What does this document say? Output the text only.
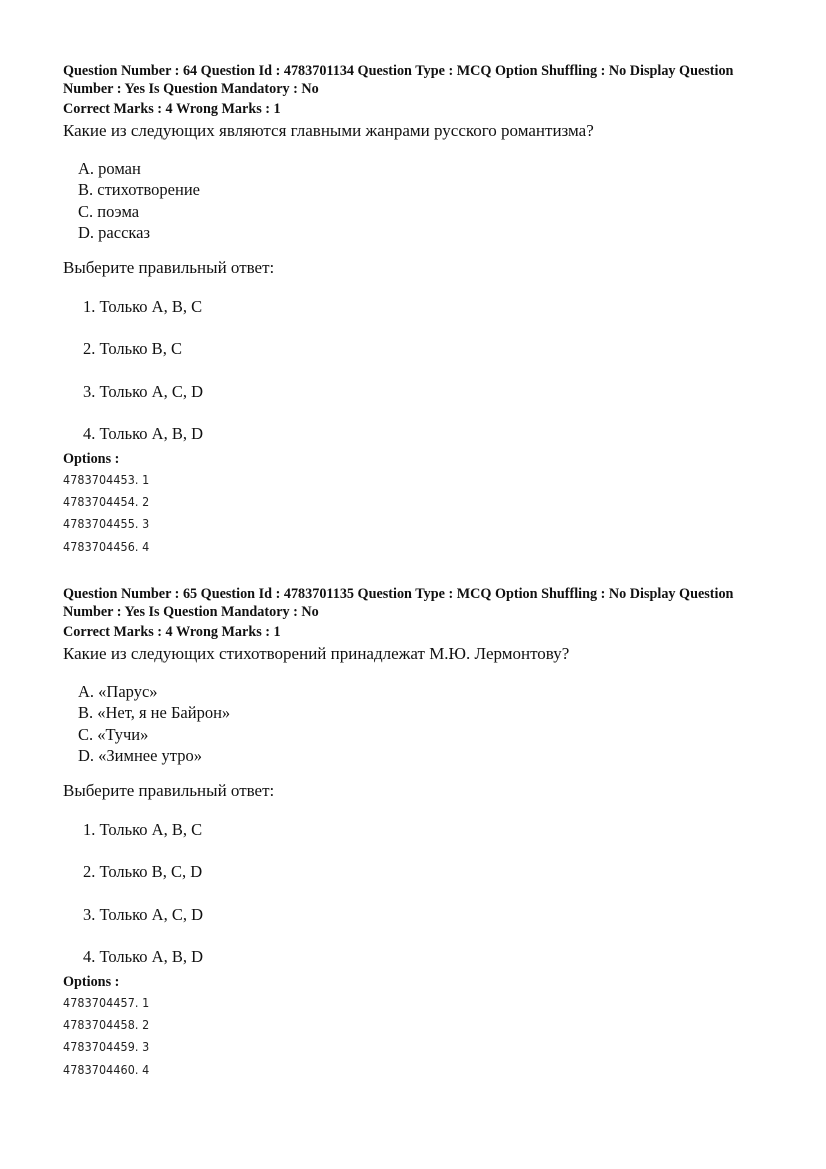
Question Number : 64 Question Id : 4783701134 Question Type : MCQ Option Shuffling : No Display Question
Number : Yes Is Question Mandatory : No
Correct Marks : 4 Wrong Marks : 1
Какие из следующих являются главными жанрами русского романтизма?
A. роман
B. стихотворение
C. поэма
D. рассказ
Выберите правильный ответ:
1. Только A, B, C
2. Только B, C
3. Только A, C, D
4. Только A, B, D
Options :
4783704453. 1
4783704454. 2
4783704455. 3
4783704456. 4
Question Number : 65 Question Id : 4783701135 Question Type : MCQ Option Shuffling : No Display Question
Number : Yes Is Question Mandatory : No
Correct Marks : 4 Wrong Marks : 1
Какие из следующих стихотворений принадлежат М.Ю. Лермонтову?
A. «Парус»
B. «Нет, я не Байрон»
C. «Тучи»
D. «Зимнее утро»
Выберите правильный ответ:
1. Только A, B, C
2. Только B, C, D
3. Только A, C, D
4. Только A, B, D
Options :
4783704457. 1
4783704458. 2
4783704459. 3
4783704460. 4
